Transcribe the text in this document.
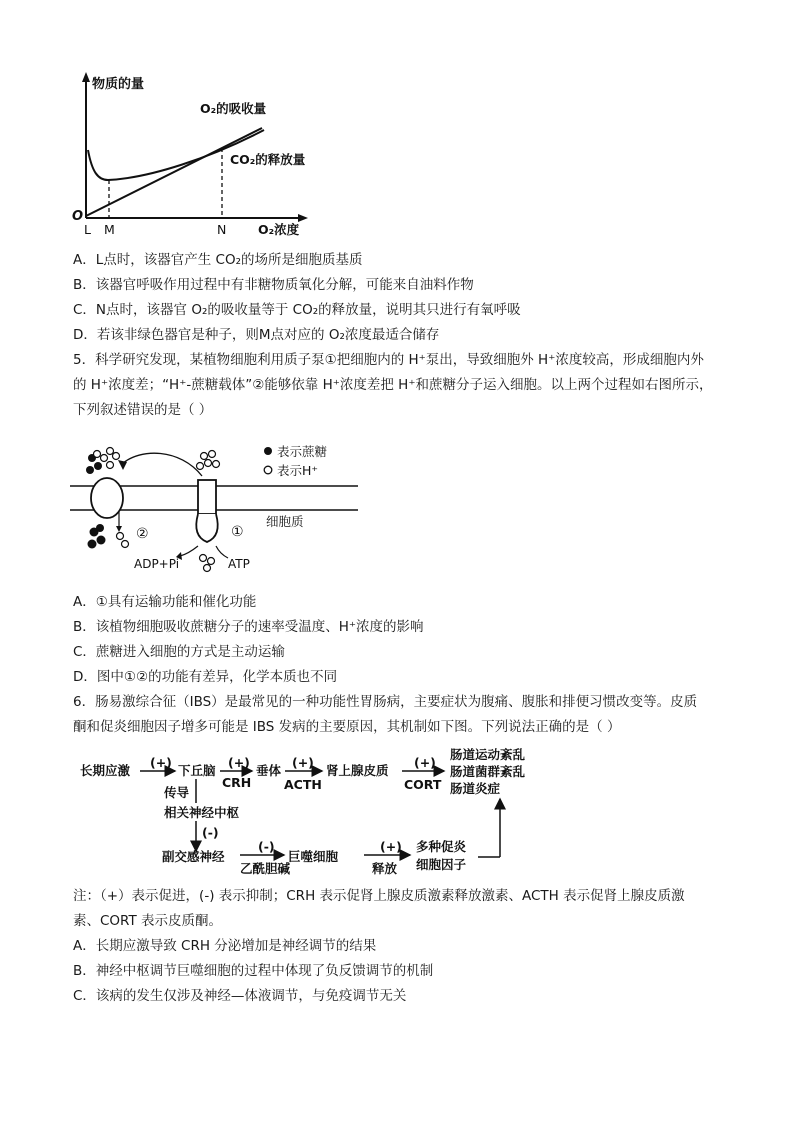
物质的量
O₂的吸收量
CO₂的释放量
O
L M	N	O₂浓度
A．L点时，该器官产生 CO₂的场所是细胞质基质
B．该器官呼吸作用过程中有非糖物质氧化分解，可能来自油料作物
C．N点时，该器官 O₂的吸收量等于 CO₂的释放量，说明其只进行有氧呼吸
D．若该非绿色器官是种子，则M点对应的 O₂浓度最适合储存
5．科学研究发现，某植物细胞利用质子泵①把细胞内的 H⁺泵出，导致细胞外 H⁺浓度较高，形成细胞内外
的 H⁺浓度差；“H⁺-蔗糖载体”②能够依靠 H⁺浓度差把 H⁺和蔗糖分子运入细胞。以上两个过程如右图所示，
下列叙述错误的是（ ）
表示蔗糖
表示H⁺
细胞质
①
②
ADP+Pi	ATP
A．①具有运输功能和催化功能
B．该植物细胞吸收蔗糖分子的速率受温度、H⁺浓度的影响
C．蔗糖进入细胞的方式是主动运输
D．图中①②的功能有差异，化学本质也不同
6．肠易激综合征（IBS）是最常见的一种功能性胃肠病，主要症状为腹痛、腹胀和排便习惯改变等。皮质
酮和促炎细胞因子增多可能是 IBS 发病的主要原因，其机制如下图。下列说法正确的是（ ）
长期应激
(+)
下丘脑
(+)
CRH
垂体
(+)
ACTH
肾上腺皮质
(+)
CORT
肠道运动紊乱
肠道菌群紊乱
肠道炎症
传导
相关神经中枢
(-)
副交感神经
(-)
乙酰胆碱
巨噬细胞
(+)
释放
多种促炎
细胞因子
注：（+）表示促进，(-) 表示抑制；CRH 表示促肾上腺皮质激素释放激素、ACTH 表示促肾上腺皮质激
素、CORT 表示皮质酮。
A．长期应激导致 CRH 分泌增加是神经调节的结果
B．神经中枢调节巨噬细胞的过程中体现了负反馈调节的机制
C．该病的发生仅涉及神经—体液调节，与免疫调节无关
